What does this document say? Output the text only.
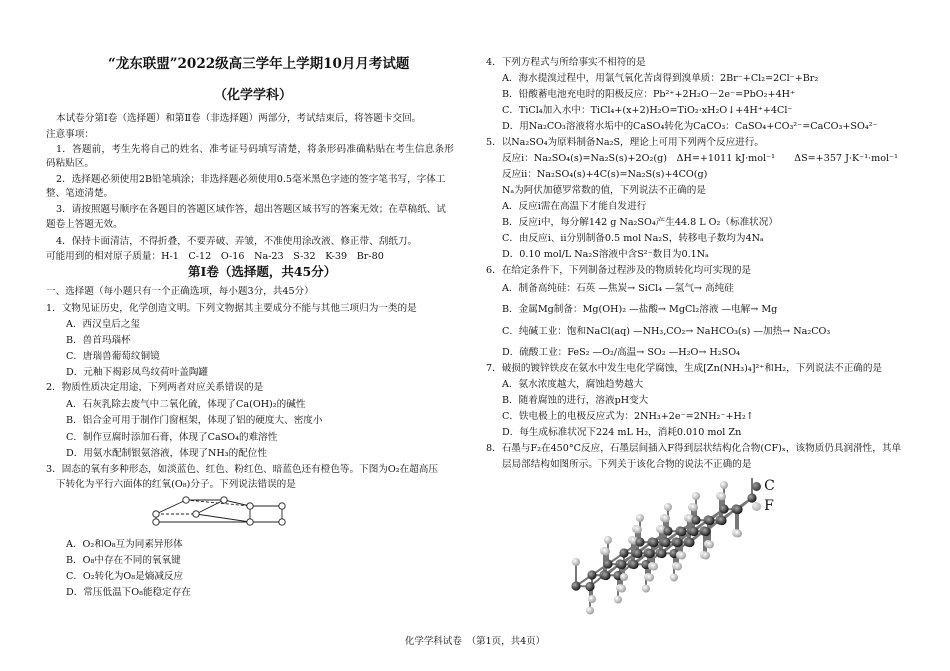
“龙东联盟”2022级高三学年上学期10月月考试题
（化学学科）
本试卷分第Ⅰ卷（选择题）和第Ⅱ卷（非选择题）两部分，考试结束后，将答题卡交回。
注意事项：
1．答题前，考生先将自己的姓名、准考证号码填写清楚，将条形码准确粘贴在考生信息条形
码粘贴区。
2．选择题必须使用2B铅笔填涂；非选择题必须使用0.5毫米黑色字迹的签字笔书写，字体工
整、笔迹清楚。
3．请按照题号顺序在各题目的答题区域作答，超出答题区域书写的答案无效；在草稿纸、试
题卷上答题无效。
4．保持卡面清洁，不得折叠，不要弄破、弄皱，不准使用涂改液、修正带、刮纸刀。
可能用到的相对原子质量：H-1　C-12　O-16　Na-23　S-32　K-39　Br-80
第Ⅰ卷（选择题，共45分）
一、选择题（每小题只有一个正确选项，每小题3分，共45分）
1．文物见证历史，化学创造文明。下列文物据其主要成分不能与其他三项归为一类的是
A．西汉皇后之玺
B．兽首玛瑙杯
C．唐瑞兽葡萄纹铜镜
D．元釉下褐彩凤鸟纹荷叶盖陶罐
2．物质性质决定用途，下列两者对应关系错误的是
A．石灰乳除去废气中二氧化硫，体现了Ca(OH)₂的碱性
B．铝合金可用于制作门窗框架，体现了铝的硬度大、密度小
C．制作豆腐时添加石膏，体现了CaSO₄的难溶性
D．用氨水配制银氨溶液，体现了NH₃的配位性
3．固态的氧有多种形态，如淡蓝色、红色、粉红色、暗蓝色还有橙色等。下图为O₂在超高压
下转化为平行六面体的红氧(O₈)分子。下列说法错误的是
A．O₂和O₈互为同素异形体
B．O₈中存在不同的氧氧键
C．O₂转化为O₈是熵减反应
D．常压低温下O₈能稳定存在
4．下列方程式与所给事实不相符的是
A．海水提溴过程中，用氯气氧化苦卤得到溴单质：2Br⁻+Cl₂=2Cl⁻+Br₂
B．铅酸蓄电池充电时的阳极反应：Pb²⁺+2H₂O－2e⁻=PbO₂+4H⁺
C．TiCl₄加入水中：TiCl₄+(x+2)H₂O=TiO₂·xH₂O↓+4H⁺+4Cl⁻
D．用Na₂CO₃溶液将水垢中的CaSO₄转化为CaCO₃：CaSO₄+CO₃²⁻=CaCO₃+SO₄²⁻
5．以Na₂SO₄为原料制备Na₂S，理论上可用下列两个反应进行。
反应ⅰ：Na₂SO₄(s)=Na₂S(s)+2O₂(g)　ΔH=+1011 kJ·mol⁻¹　　ΔS=+357 J·K⁻¹·mol⁻¹
反应ⅱ：Na₂SO₄(s)+4C(s)=Na₂S(s)+4CO(g)
Nₐ为阿伏加德罗常数的值，下列说法不正确的是
A．反应ⅰ需在高温下才能自发进行
B．反应ⅰ中，每分解142 g Na₂SO₄产生44.8 L O₂（标准状况）
C．由反应ⅰ、ⅱ分别制备0.5 mol Na₂S，转移电子数均为4Nₐ
D．0.10 mol/L Na₂S溶液中含S²⁻数目为0.1Nₐ
6．在给定条件下，下列制备过程涉及的物质转化均可实现的是
A．制备高纯硅：石英 —焦炭→ SiCl₄ —氢气→ 高纯硅
B．金属Mg制备：Mg(OH)₂ —盐酸→ MgCl₂溶液 —电解→ Mg
C．纯碱工业：饱和NaCl(aq) —NH₃,CO₂→ NaHCO₃(s) —加热→ Na₂CO₃
D．硫酸工业：FeS₂ —O₂/高温→ SO₂ —H₂O→ H₂SO₄
7．破损的镀锌铁皮在氨水中发生电化学腐蚀，生成[Zn(NH₃)₄]²⁺和H₂，下列说法不正确的是
A．氨水浓度越大，腐蚀趋势越大
B．随着腐蚀的进行，溶液pH变大
C．铁电极上的电极反应式为：2NH₃+2e⁻=2NH₂⁻+H₂↑
D．每生成标准状况下224 mL H₂，消耗0.010 mol Zn
8．石墨与F₂在450°C反应，石墨层间插入F得到层状结构化合物(CF)ₓ，该物质仍具润滑性，其单
层局部结构如图所示。下列关于该化合物的说法不正确的是
C
F
化学学科试卷　（第1页，共4页）
